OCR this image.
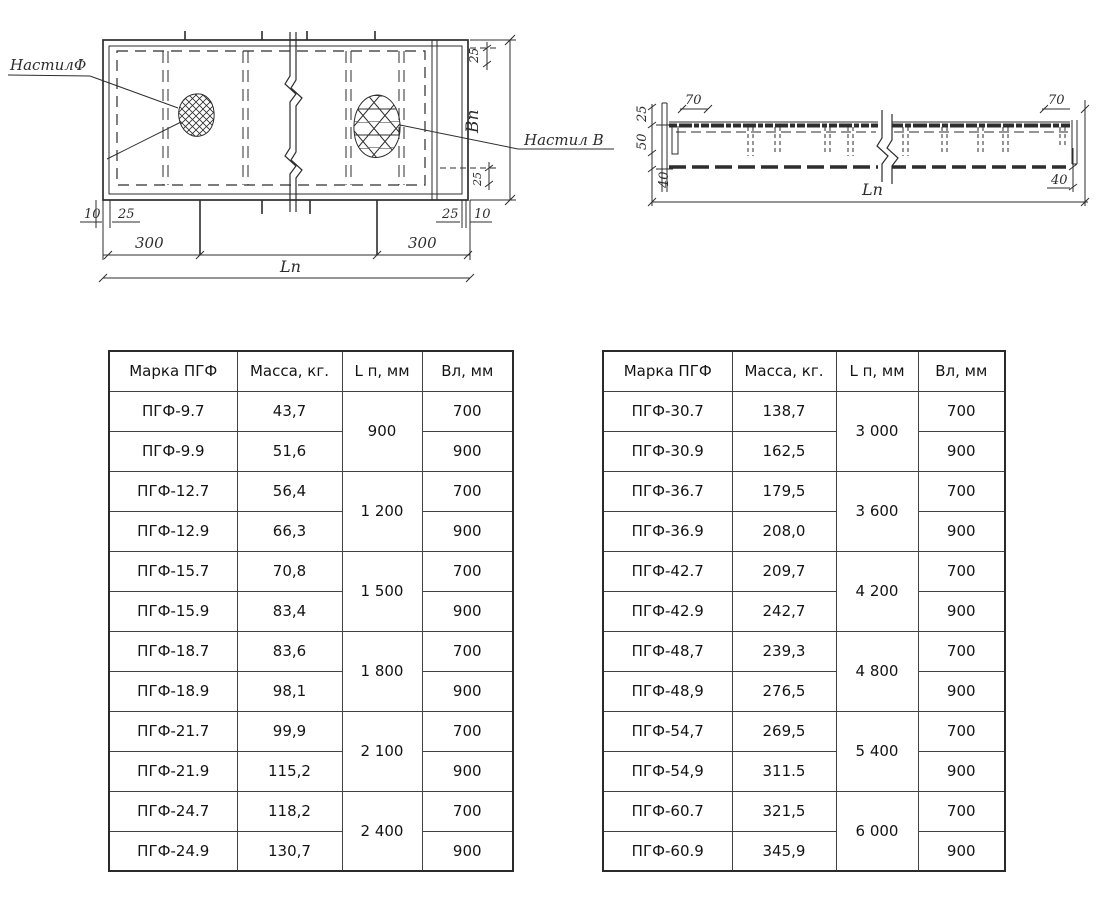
НастилФ
Настил В
25
Вп
25
10 25	25 10
300	300
Lп
25
50
40
70	70
40
Lп
Марка ПГФ	Масса, кг.	L п, мм	Вл, мм
ПГФ-9.7	43,7	900	700
ПГФ-9.9	51,6		900
ПГФ-12.7	56,4	1 200	700
ПГФ-12.9	66,3		900
ПГФ-15.7	70,8	1 500	700
ПГФ-15.9	83,4		900
ПГФ-18.7	83,6	1 800	700
ПГФ-18.9	98,1		900
ПГФ-21.7	99,9	2 100	700
ПГФ-21.9	115,2		900
ПГФ-24.7	118,2	2 400	700
ПГФ-24.9	130,7		900
Марка ПГФ	Масса, кг.	L п, мм	Вл, мм
ПГФ-30.7	138,7	3 000	700
ПГФ-30.9	162,5		900
ПГФ-36.7	179,5	3 600	700
ПГФ-36.9	208,0		900
ПГФ-42.7	209,7	4 200	700
ПГФ-42.9	242,7		900
ПГФ-48,7	239,3	4 800	700
ПГФ-48,9	276,5		900
ПГФ-54,7	269,5	5 400	700
ПГФ-54,9	311.5		900
ПГФ-60.7	321,5	6 000	700
ПГФ-60.9	345,9		900
